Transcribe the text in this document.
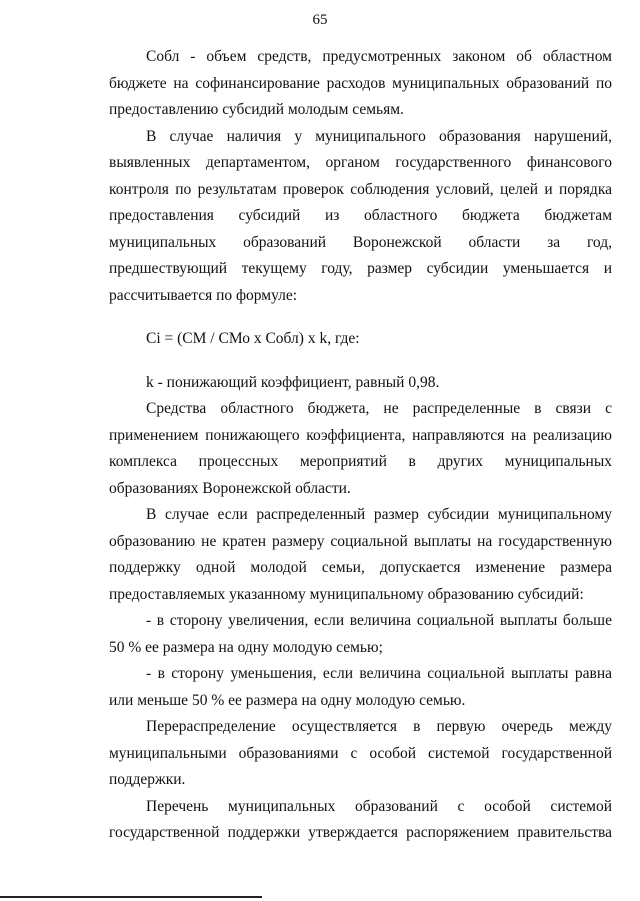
65

Собл - объем средств, предусмотренных законом об областном бюджете на софинансирование расходов муниципальных образований по предоставлению субсидий молодым семьям.

В случае наличия у муниципального образования нарушений, выявленных департаментом, органом государственного финансового контроля по результатам проверок соблюдения условий, целей и порядка предоставления субсидий из областного бюджета бюджетам муниципальных образований Воронежской области за год, предшествующий текущему году, размер субсидии уменьшается и рассчитывается по формуле:

Ci = (СМ / СМо х Собл) х k, где:

k - понижающий коэффициент, равный 0,98.

Средства областного бюджета, не распределенные в связи с применением понижающего коэффициента, направляются на реализацию комплекса процессных мероприятий в других муниципальных образованиях Воронежской области.

В случае если распределенный размер субсидии муниципальному образованию не кратен размеру социальной выплаты на государственную поддержку одной молодой семьи, допускается изменение размера предоставляемых указанному муниципальному образованию субсидий:

- в сторону увеличения, если величина социальной выплаты больше 50 % ее размера на одну молодую семью;

- в сторону уменьшения, если величина социальной выплаты равна или меньше 50 % ее размера на одну молодую семью.

Перераспределение осуществляется в первую очередь между муниципальными образованиями с особой системой государственной поддержки.

Перечень муниципальных образований с особой системой государственной поддержки утверждается распоряжением правительства
